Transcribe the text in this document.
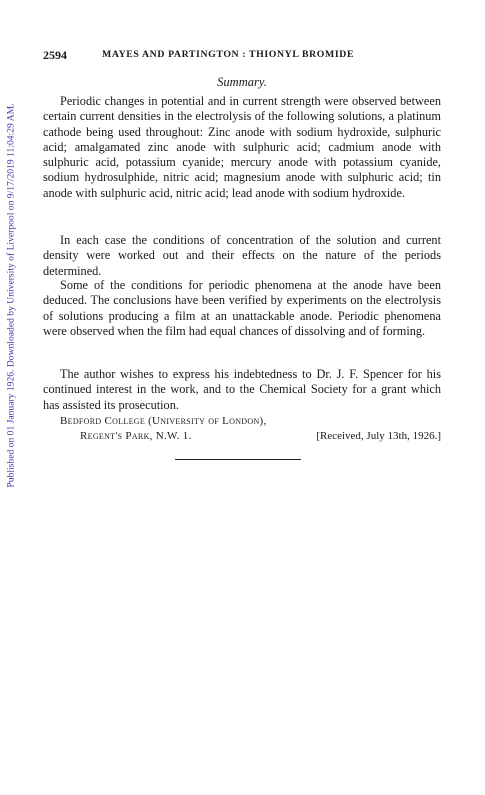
Published on 01 January 1926. Downloaded by University of Liverpool on 9/17/2019 11:04:29 AM.
2594	MAYES AND PARTINGTON : THIONYL BROMIDE
Summary.

Periodic changes in potential and in current strength were observed between certain current densities in the electrolysis of the following solutions, a platinum cathode being used throughout: Zinc anode with sodium hydroxide, sulphuric acid; amalgamated zinc anode with sulphuric acid; cadmium anode with sulphuric acid, potassium cyanide; mercury anode with potassium cyanide, sodium hydrosulphide, nitric acid; magnesium anode with sulphuric acid; tin anode with sulphuric acid, nitric acid; lead anode with sodium hydroxide.

In each case the conditions of concentration of the solution and current density were worked out and their effects on the nature of the periods determined.

Some of the conditions for periodic phenomena at the anode have been deduced. The conclusions have been verified by experiments on the electrolysis of solutions producing a film at an unattackable anode. Periodic phenomena were observed when the film had equal chances of dissolving and of forming.

The author wishes to express his indebtedness to Dr. J. F. Spencer for his continued interest in the work, and to the Chemical Society for a grant which has assisted its prosecution.

Bedford College (University of London),
Regent's Park, N.W. 1.	[Received, July 13th, 1926.]
